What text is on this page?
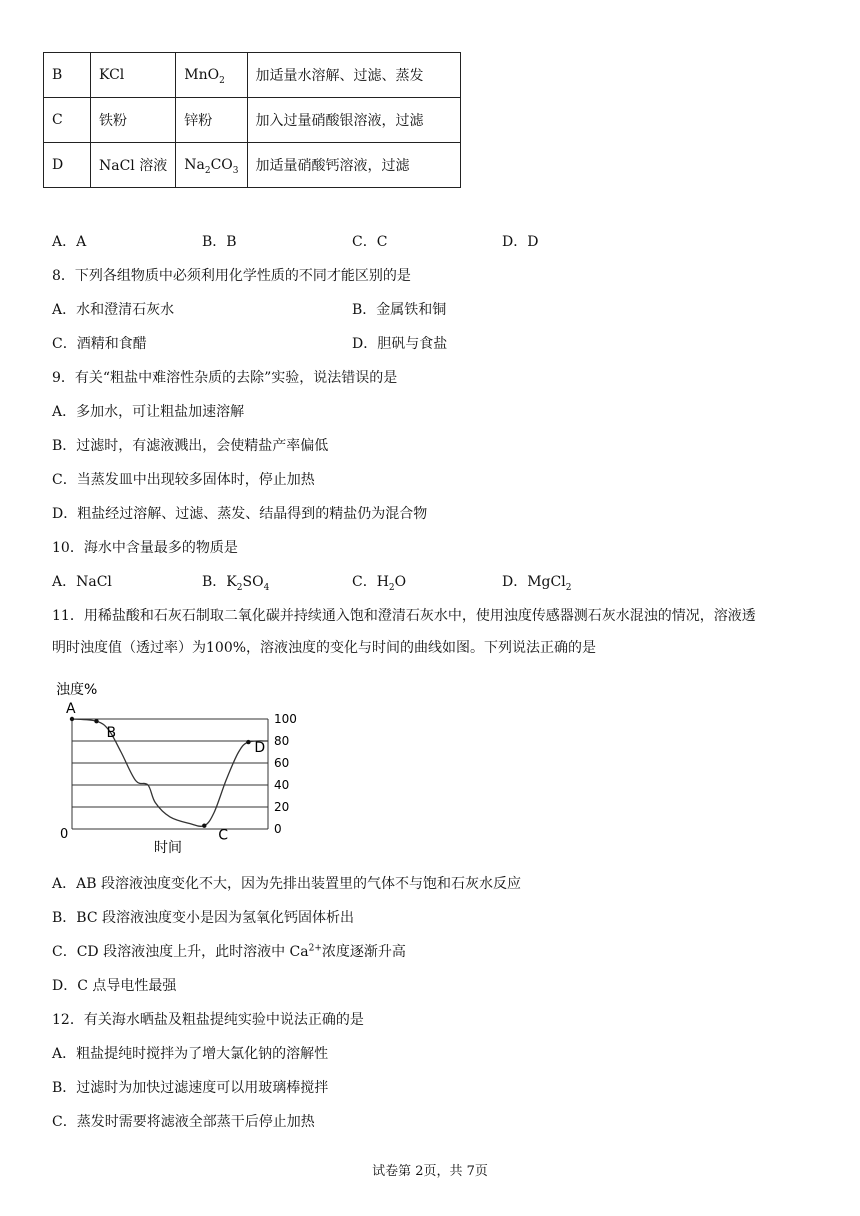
B	KCl	MnO$_2$	加适量水溶解、过滤、蒸发
C	铁粉	锌粉	加入过量硝酸银溶液，过滤
D	NaCl 溶液	$Na_2CO_3$	加适量硝酸钙溶液，过滤
A．A	B．B	C．C	D．D
8．下列各组物质中必须利用化学性质的不同才能区别的是
A．水和澄清石灰水	B．金属铁和铜
C．酒精和食醋	D．胆矾与食盐
9．有关“粗盐中难溶性杂质的去除”实验，说法错误的是
A．多加水，可让粗盐加速溶解
B．过滤时，有滤液溅出，会使精盐产率偏低
C．当蒸发皿中出现较多固体时，停止加热
D．粗盐经过溶解、过滤、蒸发、结晶得到的精盐仍为混合物
10．海水中含量最多的物质是
A．NaCl	B．$K_2SO_4$	C．$H_2O$	D．MgCl$_2$
11．用稀盐酸和石灰石制取二氧化碳并持续通入饱和澄清石灰水中，使用浊度传感器测石灰水混浊的情况，溶液透
明时浊度值（透过率）为100%，溶液浊度的变化与时间的曲线如图。下列说法正确的是
浊度%
100
80
60
40
20
0
A
B
C
D
0
时间
A．AB 段溶液浊度变化不大，因为先排出装置里的气体不与饱和石灰水反应
B．BC 段溶液浊度变小是因为氢氧化钙固体析出
C．CD 段溶液浊度上升，此时溶液中 $Ca^{2+}$浓度逐渐升高
D．C 点导电性最强
12．有关海水晒盐及粗盐提纯实验中说法正确的是
A．粗盐提纯时搅拌为了增大氯化钠的溶解性
B．过滤时为加快过滤速度可以用玻璃棒搅拌
C．蒸发时需要将滤液全部蒸干后停止加热
试卷第 2页，共 7页
